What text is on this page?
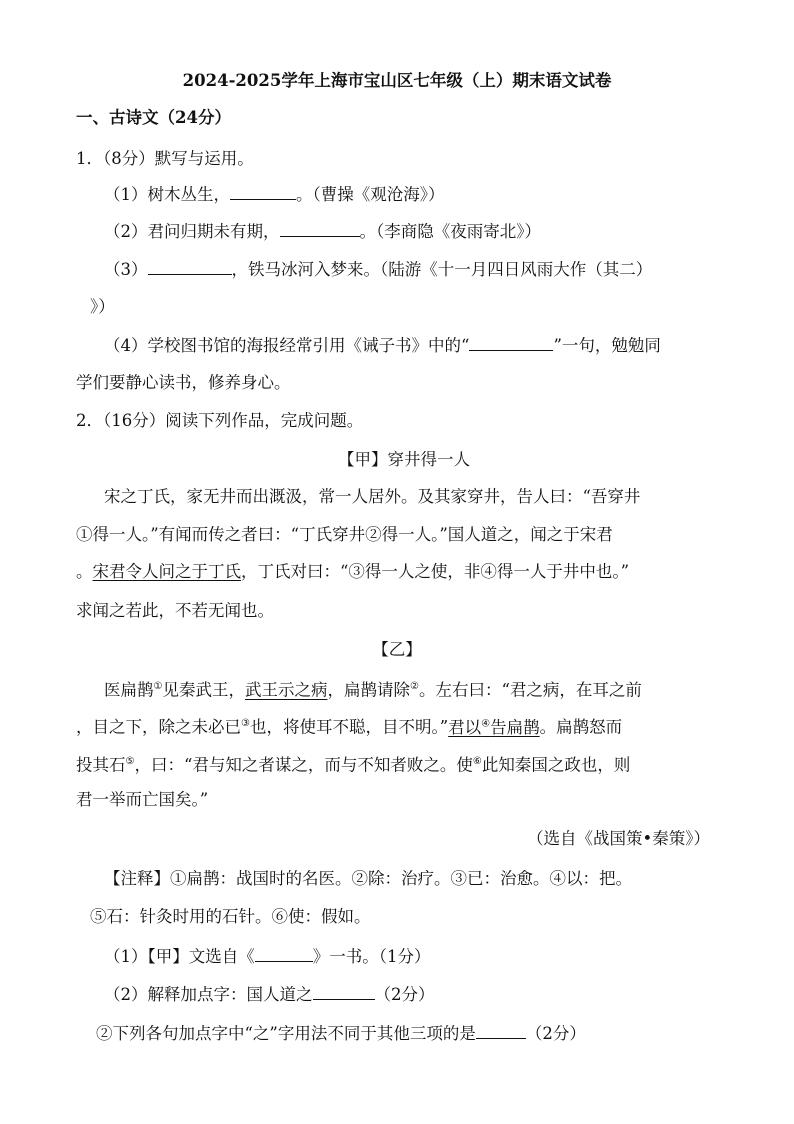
2024-2025学年上海市宝山区七年级（上）期末语文试卷
一、古诗文（24分）
1．（8分）默写与运用。
（1）树木丛生，	。（曹操《观沧海》）
（2）君问归期未有期，	。（李商隐《夜雨寄北》）
（3）	，铁马冰河入梦来。（陆游《十一月四日风雨大作（其二）
》）
（4）学校图书馆的海报经常引用《诫子书》中的“	”一句，勉勉同
学们要静心读书，修养身心。
2．（16分）阅读下列作品，完成问题。
【甲】穿井得一人
宋之丁氏，家无井而出溉汲，常一人居外。及其家穿井，告人曰：“吾穿井
①得一人。”有闻而传之者曰：“丁氏穿井②得一人。”国人道之，闻之于宋君
。宋君令人问之于丁氏，丁氏对曰：“③得一人之使，非④得一人于井中也。”
求闻之若此，不若无闻也。
【乙】
医扁鹊①见秦武王，武王示之病，扁鹊请除②。左右曰：“君之病，在耳之前
，目之下，除之未必已③也，将使耳不聪，目不明。”君以④告扁鹊。扁鹊怒而
投其石⑤，曰：“君与知之者谋之，而与不知者败之。使⑥此知秦国之政也，则
君一举而亡国矣。”
（选自《战国策•秦策》）
【注释】①扁鹊：战国时的名医。②除：治疗。③已：治愈。④以：把。
⑤石：针灸时用的石针。⑥使：假如。
（1）【甲】文选自《	》一书。（1分）
（2）解释加点字：国人道之	（2分）
②下列各句加点字中“之”字用法不同于其他三项的是	（2分）
